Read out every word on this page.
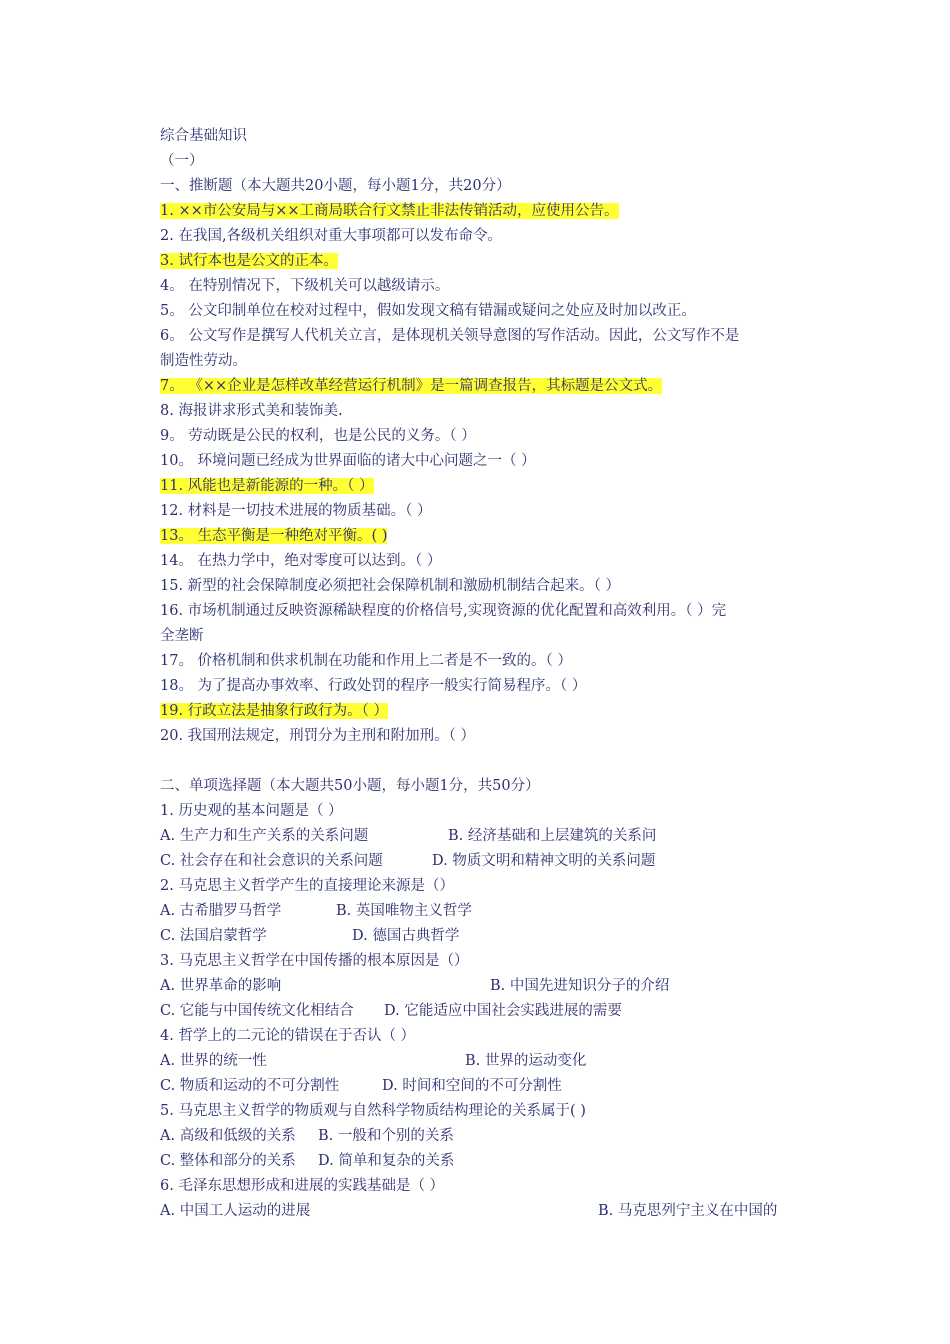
综合基础知识
（一）
一、推断题（本大题共20小题，每小题1分，共20分）
1. ××市公安局与××工商局联合行文禁止非法传销活动，应使用公告。
2. 在我国,各级机关组织对重大事项都可以发布命令。
3. 试行本也是公文的正本。
4。 在特别情况下，下级机关可以越级请示。
5。 公文印制单位在校对过程中，假如发现文稿有错漏或疑问之处应及时加以改正。
6。 公文写作是撰写人代机关立言，是体现机关领导意图的写作活动。因此，公文写作不是
制造性劳动。
7。 《××企业是怎样改革经营运行机制》是一篇调查报告，其标题是公文式。
8. 海报讲求形式美和装饰美.
9。 劳动既是公民的权利，也是公民的义务。（ ）
10。 环境问题已经成为世界面临的诸大中心问题之一（ ）
11. 风能也是新能源的一种。（ ）
12. 材料是一切技术进展的物质基础。（ ）
13。 生态平衡是一种绝对平衡。( )
14。 在热力学中，绝对零度可以达到。（ ）
15. 新型的社会保障制度必须把社会保障机制和激励机制结合起来。（ ）
16. 市场机制通过反映资源稀缺程度的价格信号,实现资源的优化配置和高效利用。（ ）完
全垄断
17。 价格机制和供求机制在功能和作用上二者是不一致的。（ ）
18。 为了提高办事效率、行政处罚的程序一般实行简易程序。（ ）
19. 行政立法是抽象行政行为。（ ）
20. 我国刑法规定，刑罚分为主刑和附加刑。（ ）
二、单项选择题（本大题共50小题，每小题1分，共50分）
1. 历史观的基本问题是（ ）
A. 生产力和生产关系的关系问题	B. 经济基础和上层建筑的关系问
C. 社会存在和社会意识的关系问题	D. 物质文明和精神文明的关系问题
2. 马克思主义哲学产生的直接理论来源是（）
A. 古希腊罗马哲学	B. 英国唯物主义哲学
C. 法国启蒙哲学	D. 德国古典哲学
3. 马克思主义哲学在中国传播的根本原因是（）
A. 世界革命的影响	B. 中国先进知识分子的介绍
C. 它能与中国传统文化相结合 D. 它能适应中国社会实践进展的需要
4. 哲学上的二元论的错误在于否认（ ）
A. 世界的统一性	B. 世界的运动变化
C. 物质和运动的不可分割性	D. 时间和空间的不可分割性
5. 马克思主义哲学的物质观与自然科学物质结构理论的关系属于( )
A. 高级和低级的关系 B. 一般和个别的关系
C. 整体和部分的关系 D. 简单和复杂的关系
6. 毛泽东思想形成和进展的实践基础是（ ）
A. 中国工人运动的进展	B. 马克思列宁主义在中国的
